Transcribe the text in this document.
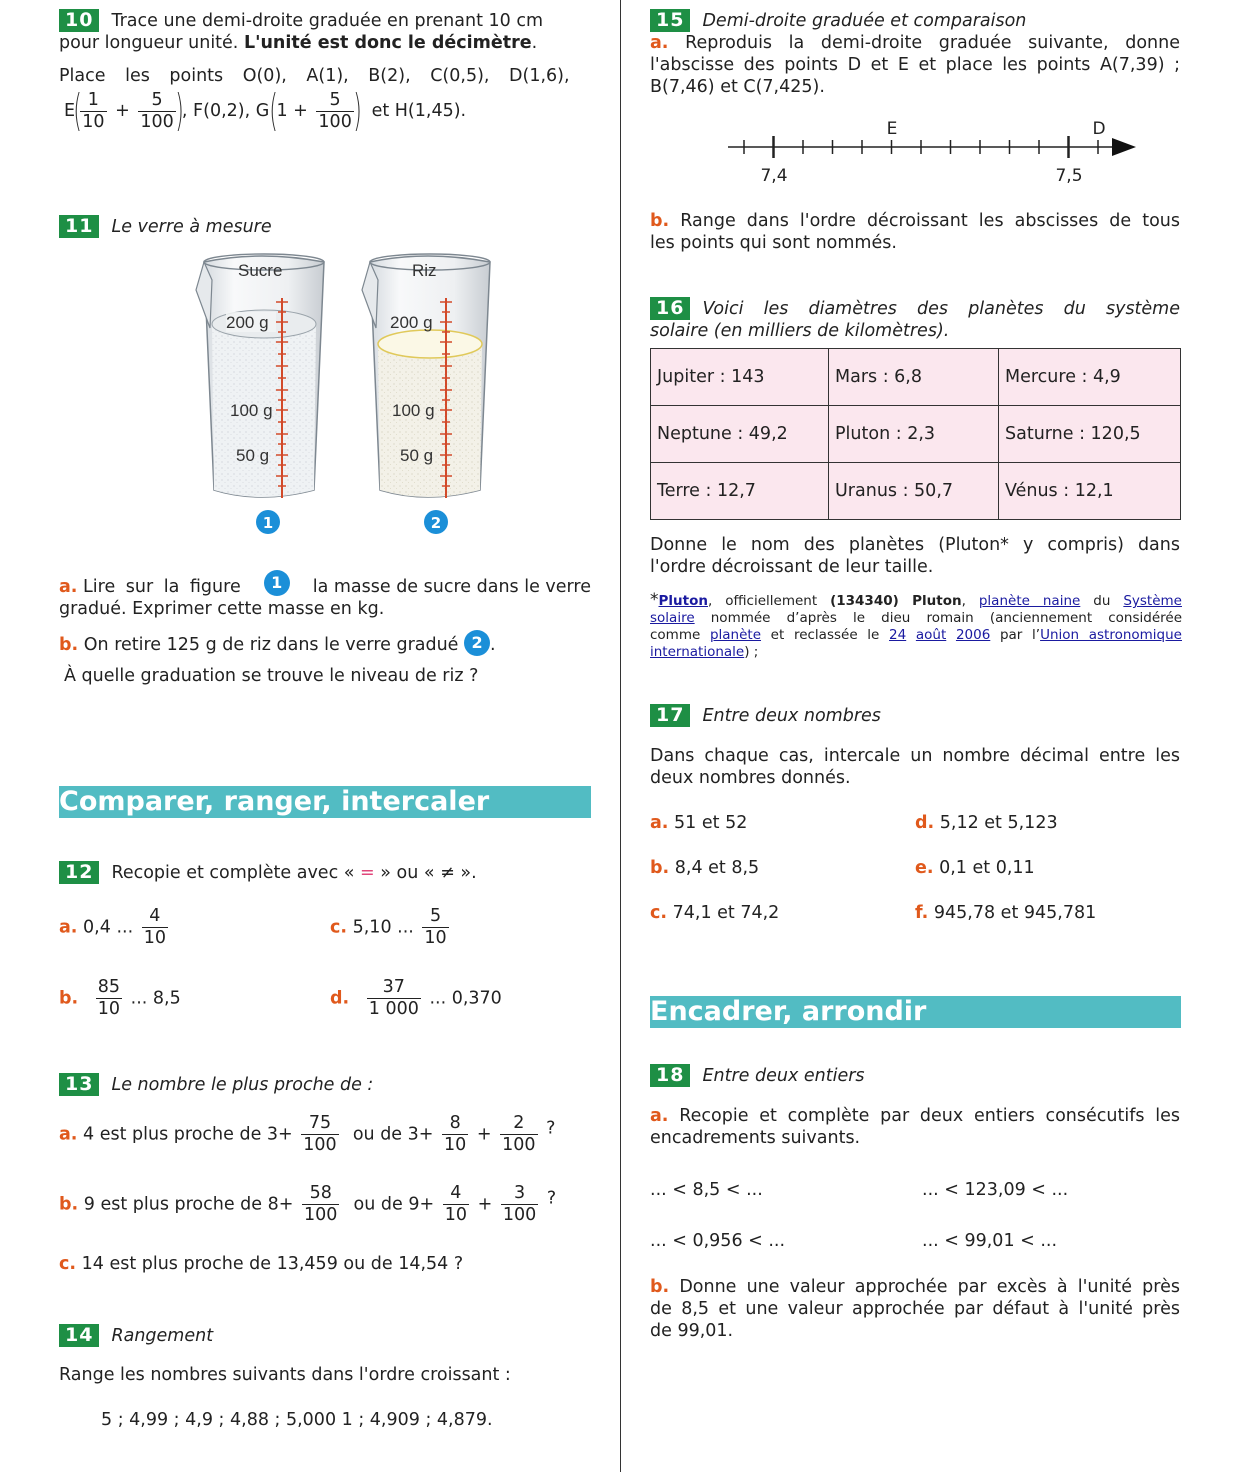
10 Trace une demi-droite graduée en prenant 10 cm
pour longueur unité. L'unité est donc le décimètre.
Place les points O(0), A(1), B(2), C(0,5), D(1,6),
E(
$\frac{1}{10} + \frac{5}{100}$ ), F(0,2), $G(1 + \frac{5}{100}$ ) et H(1,45).
11 Le verre à mesure
Sucre
200 g
100 g
50 g
1
Riz
200 g
100 g
50 g
2
a. Lire sur la figure	1	la masse de sucre dans le verre
gradué. Exprimer cette masse en kg.
b. On retire 125 g de riz dans le verre gradué 2 .
À quelle graduation se trouve le niveau de riz ?
Comparer, ranger, intercaler
12 Recopie et complète avec « = » ou « ≠ ».
a. 0,4 ... $\frac{4}{10}$	c. 5,10 ... $\frac{5}{10}$
b. $\frac{85}{10}$ ... 8,5	d. $\frac{37}{1 000}$ ... 0,370
13 Le nombre le plus proche de :
a. 4 est plus proche de $3+ \frac{75}{100}$ ou de $3+ \frac{8}{10} + \frac{2}{100}$ ?
b. 9 est plus proche de $8+ \frac{58}{100}$ ou de $9+ \frac{4}{10} + \frac{3}{100}$ ?
c. 14 est plus proche de 13,459 ou de 14,54 ?
14 Rangement
Range les nombres suivants dans l'ordre croissant :
5 ; 4,99 ; 4,9 ; 4,88 ; 5,000 1 ; 4,909 ; 4,879.
15 Demi-droite graduée et comparaison
a. Reproduis la demi-droite graduée suivante, donne
l'abscisse des points D et E et place les points A(7,39) ;
B(7,46) et C(7,425).
E	D
7,4	7,5
b. Range dans l'ordre décroissant les abscisses de tous
les points qui sont nommés.
16 Voici les diamètres des planètes du système
solaire (en milliers de kilomètres).
Jupiter : 143	Mars : 6,8	Mercure : 4,9
Neptune : 49,2	Pluton : 2,3	Saturne : 120,5
Terre : 12,7	Uranus : 50,7	Vénus : 12,1
Donne le nom des planètes (Pluton* y compris) dans
l'ordre décroissant de leur taille.
*Pluton, officiellement (134340) Pluton, planète naine du Système
solaire nommée d’après le dieu romain (anciennement considérée
comme planète et reclassée le 24 août 2006 par l’Union astronomique
internationale) ;
17 Entre deux nombres
Dans chaque cas, intercale un nombre décimal entre les
deux nombres donnés.
a. 51 et 52	d. 5,12 et 5,123
b. 8,4 et 8,5	e. 0,1 et 0,11
c. 74,1 et 74,2	f. 945,78 et 945,781
Encadrer, arrondir
18 Entre deux entiers
a. Recopie et complète par deux entiers consécutifs les
encadrements suivants.
... < 8,5 < ...	... < 123,09 < ...
... < 0,956 < ...	... < 99,01 < ...
b. Donne une valeur approchée par excès à l'unité près
de 8,5 et une valeur approchée par défaut à l'unité près
de 99,01.
